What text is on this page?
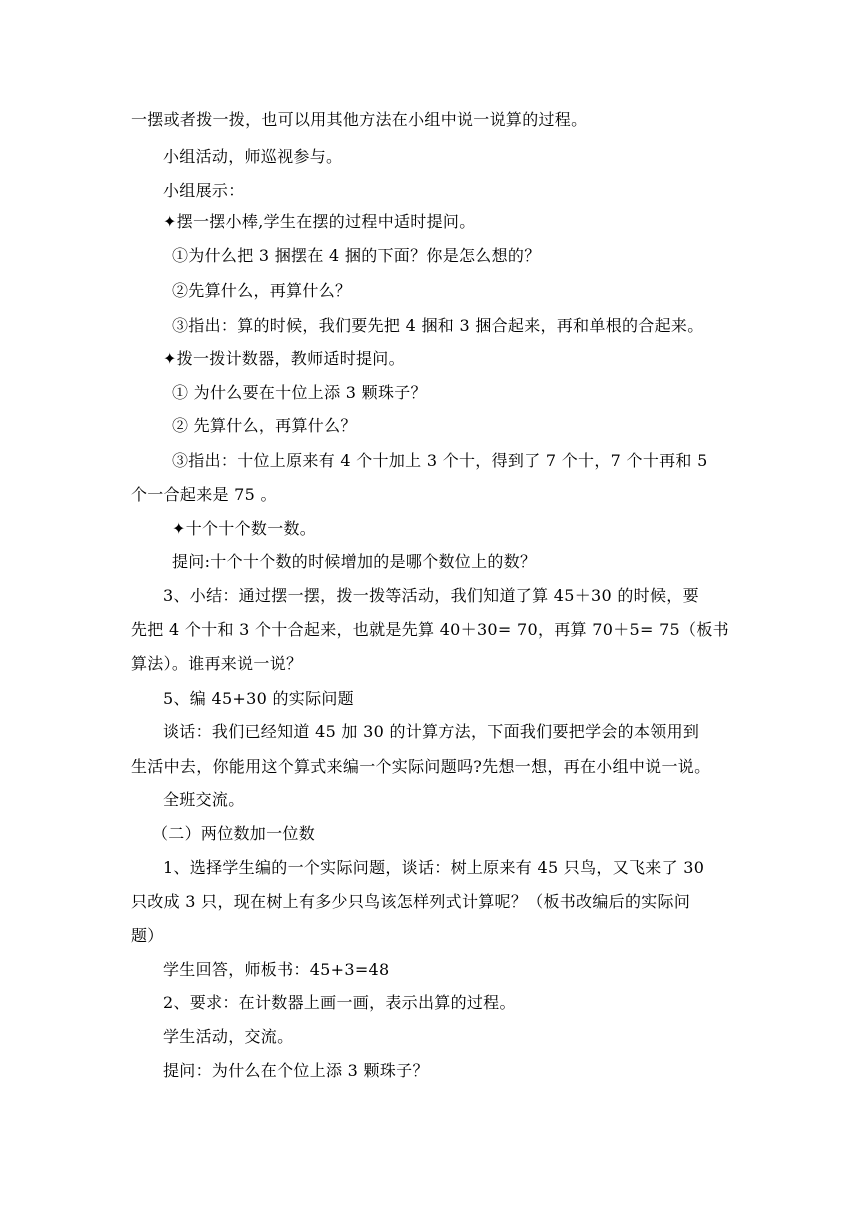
一摆或者拨一拨，也可以用其他方法在小组中说一说算的过程。
小组活动，师巡视参与。
小组展示：
✦摆一摆小棒,学生在摆的过程中适时提问。
①为什么把 3 捆摆在 4 捆的下面？你是怎么想的？
②先算什么，再算什么？
③指出：算的时候，我们要先把 4 捆和 3 捆合起来，再和单根的合起来。
✦拨一拨计数器，教师适时提问。
① 为什么要在十位上添 3 颗珠子？
② 先算什么，再算什么？
③指出：十位上原来有 4 个十加上 3 个十，得到了 7 个十，7 个十再和 5
个一合起来是 75 。
✦十个十个数一数。
提问:十个十个数的时候增加的是哪个数位上的数？
3、小结：通过摆一摆，拨一拨等活动，我们知道了算 45＋30 的时候，要
先把 4 个十和 3 个十合起来，也就是先算 40＋30= 70，再算 70＋5= 75（板书
算法）。谁再来说一说？
5、编 45+30 的实际问题
谈话：我们已经知道 45 加 30 的计算方法，下面我们要把学会的本领用到
生活中去，你能用这个算式来编一个实际问题吗?先想一想，再在小组中说一说。
全班交流。
（二）两位数加一位数
1、选择学生编的一个实际问题，谈话：树上原来有 45 只鸟，又飞来了 30
只改成 3 只，现在树上有多少只鸟该怎样列式计算呢？（板书改编后的实际问
题）
学生回答，师板书：45+3=48
2、要求：在计数器上画一画，表示出算的过程。
学生活动，交流。
提问：为什么在个位上添 3 颗珠子？
